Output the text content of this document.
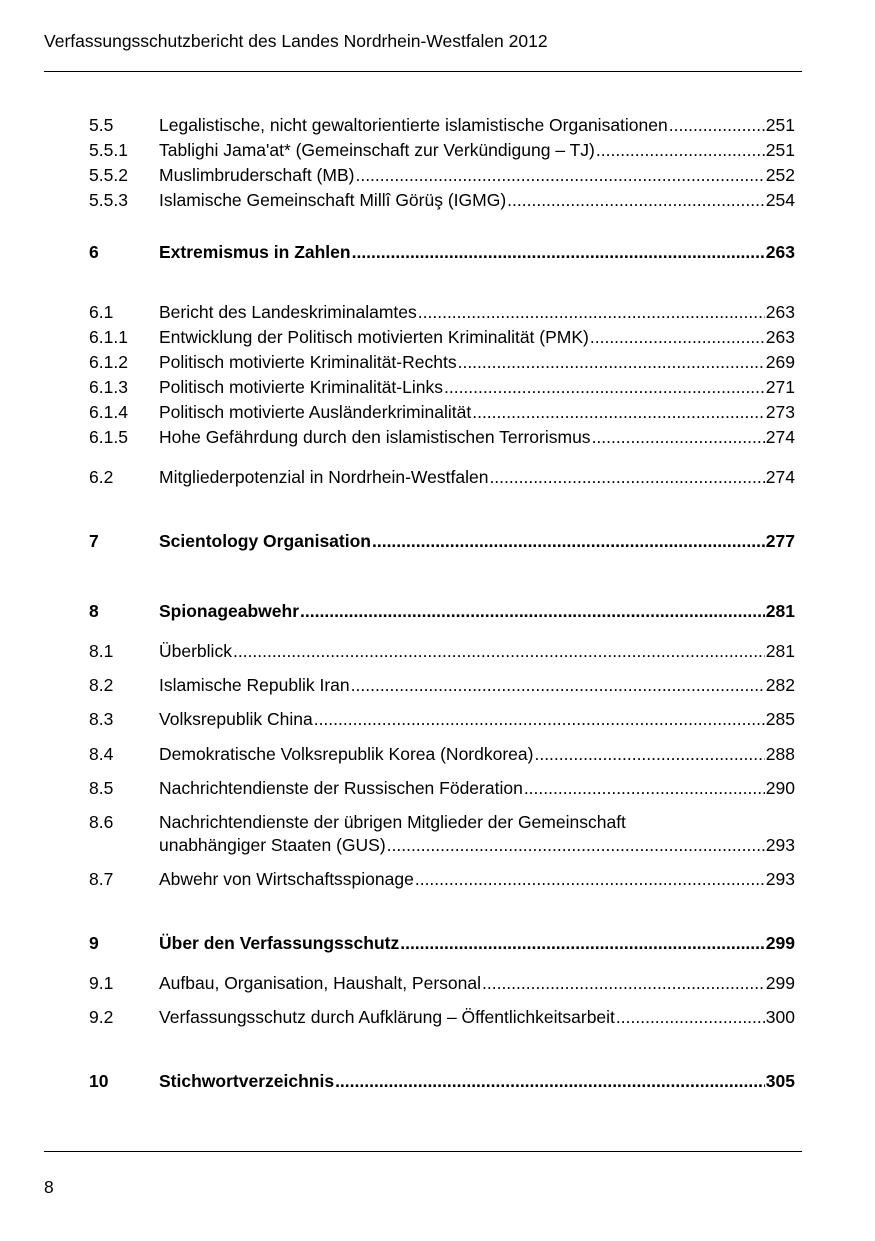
Verfassungsschutzbericht des Landes Nordrhein-Westfalen 2012
5.5	Legalistische, nicht gewaltorientierte islamistische Organisationen .....	251
5.5.1 Tablighi Jama'at* (Gemeinschaft zur Verkündigung – TJ) .....	251
5.5.2 Muslimbruderschaft (MB) .....	252
5.5.3 Islamische Gemeinschaft Millî Görüş (IGMG) .....	254
6	Extremismus in Zahlen .....	263
6.1	Bericht des Landeskriminalamtes .....	263
6.1.1 Entwicklung der Politisch motivierten Kriminalität (PMK) .....	263
6.1.2 Politisch motivierte Kriminalität-Rechts .....	269
6.1.3 Politisch motivierte Kriminalität-Links .....	271
6.1.4 Politisch motivierte Ausländerkriminalität .....	273
6.1.5 Hohe Gefährdung durch den islamistischen Terrorismus .....	274
6.2	Mitgliederpotenzial in Nordrhein-Westfalen .....	274
7	Scientology Organisation .....	277
8	Spionageabwehr .....	281
8.1	Überblick .....	281
8.2	Islamische Republik Iran .....	282
8.3	Volksrepublik China .....	285
8.4	Demokratische Volksrepublik Korea (Nordkorea) .....	288
8.5	Nachrichtendienste der Russischen Föderation .....	290
8.6	Nachrichtendienste der übrigen Mitglieder der Gemeinschaft
unabhängiger Staaten (GUS) .....	293
8.7	Abwehr von Wirtschaftsspionage .....	293
9	Über den Verfassungsschutz .....	299
9.1	Aufbau, Organisation, Haushalt, Personal .....	299
9.2	Verfassungsschutz durch Aufklärung – Öffentlichkeitsarbeit .....	300
10	Stichwortverzeichnis .....	305
8
